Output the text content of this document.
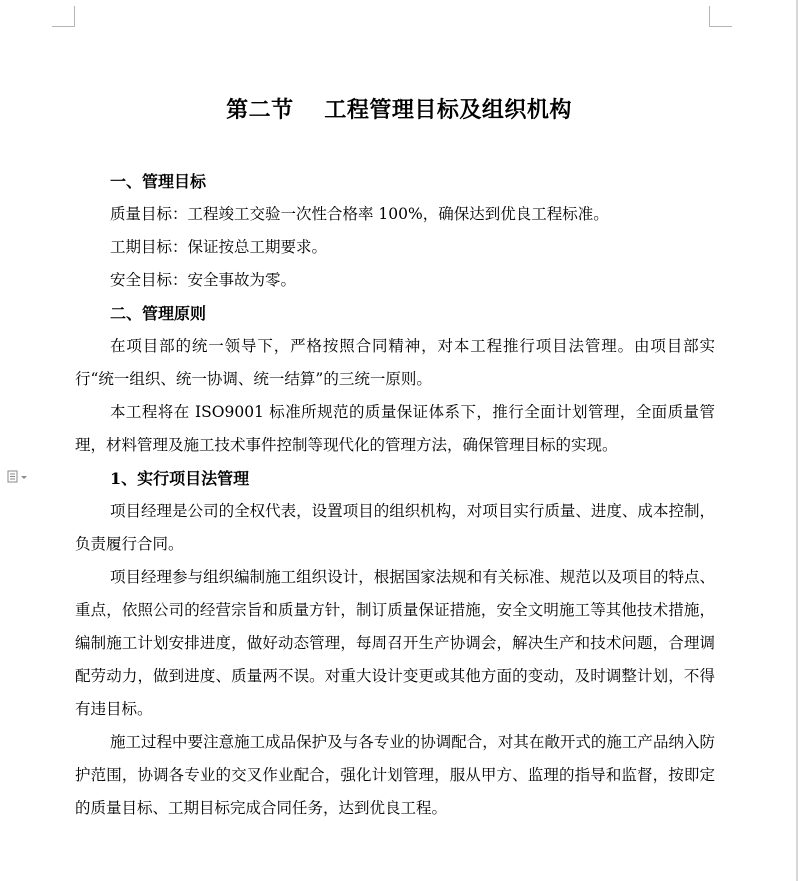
第二节　 工程管理目标及组织机构

一、管理目标

质量目标：工程竣工交验一次性合格率 100%，确保达到优良工程标准。

工期目标：保证按总工期要求。

安全目标：安全事故为零。

二、管理原则

在项目部的统一领导下，严格按照合同精神，对本工程推行项目法管理。由项目部实行“统一组织、统一协调、统一结算”的三统一原则。

本工程将在 ISO9001 标准所规范的质量保证体系下，推行全面计划管理，全面质量管理，材料管理及施工技术事件控制等现代化的管理方法，确保管理目标的实现。

1、实行项目法管理

项目经理是公司的全权代表，设置项目的组织机构，对项目实行质量、进度、成本控制，负责履行合同。

项目经理参与组织编制施工组织设计，根据国家法规和有关标准、规范以及项目的特点、重点，依照公司的经营宗旨和质量方针，制订质量保证措施，安全文明施工等其他技术措施，编制施工计划安排进度，做好动态管理，每周召开生产协调会，解决生产和技术问题，合理调配劳动力，做到进度、质量两不误。对重大设计变更或其他方面的变动，及时调整计划，不得有违目标。

施工过程中要注意施工成品保护及与各专业的协调配合，对其在敞开式的施工产品纳入防护范围，协调各专业的交叉作业配合，强化计划管理，服从甲方、监理的指导和监督，按即定的质量目标、工期目标完成合同任务，达到优良工程。
